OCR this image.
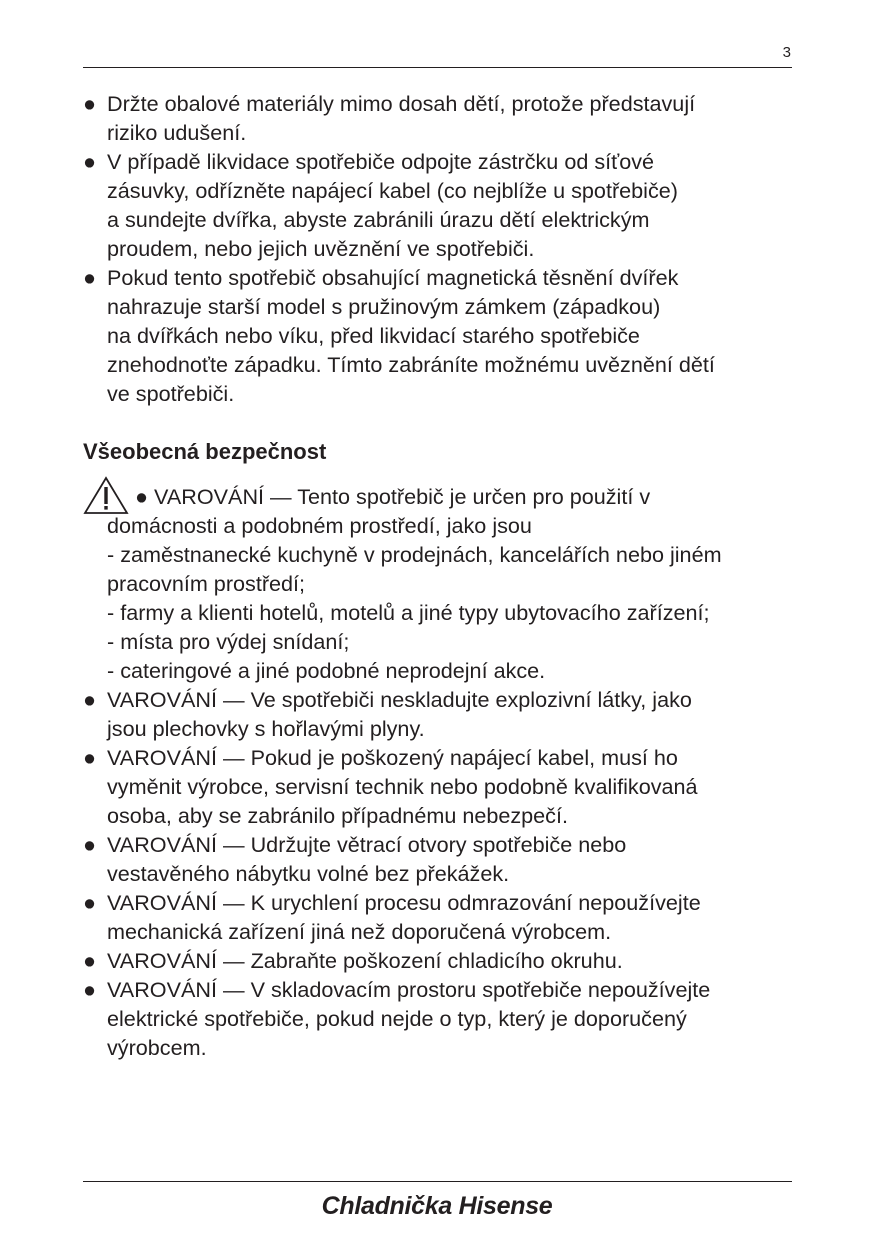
3
● Držte obalové materiály mimo dosah dětí, protože představují
riziko udušení.
● V případě likvidace spotřebiče odpojte zástrčku od síťové
zásuvky, odřízněte napájecí kabel (co nejblíže u spotřebiče)
a sundejte dvířka, abyste zabránili úrazu dětí elektrickým
proudem, nebo jejich uvěznění ve spotřebiči.
● Pokud tento spotřebič obsahující magnetická těsnění dvířek
nahrazuje starší model s pružinovým zámkem (západkou)
na dvířkách nebo víku, před likvidací starého spotřebiče
znehodnoťte západku. Tímto zabráníte možnému uvěznění dětí
ve spotřebiči.
Všeobecná bezpečnost
● VAROVÁNÍ — Tento spotřebič je určen pro použití v
domácnosti a podobném prostředí, jako jsou
- zaměstnanecké kuchyně v prodejnách, kancelářích nebo jiném
pracovním prostředí;
- farmy a klienti hotelů, motelů a jiné typy ubytovacího zařízení;
- místa pro výdej snídaní;
- cateringové a jiné podobné neprodejní akce.
● VAROVÁNÍ — Ve spotřebiči neskladujte explozivní látky, jako
jsou plechovky s hořlavými plyny.
● VAROVÁNÍ — Pokud je poškozený napájecí kabel, musí ho
vyměnit výrobce, servisní technik nebo podobně kvalifikovaná
osoba, aby se zabránilo případnému nebezpečí.
● VAROVÁNÍ — Udržujte větrací otvory spotřebiče nebo
vestavěného nábytku volné bez překážek.
● VAROVÁNÍ — K urychlení procesu odmrazování nepoužívejte
mechanická zařízení jiná než doporučená výrobcem.
● VAROVÁNÍ — Zabraňte poškození chladicího okruhu.
● VAROVÁNÍ — V skladovacím prostoru spotřebiče nepoužívejte
elektrické spotřebiče, pokud nejde o typ, který je doporučený
výrobcem.
Chladnička Hisense
